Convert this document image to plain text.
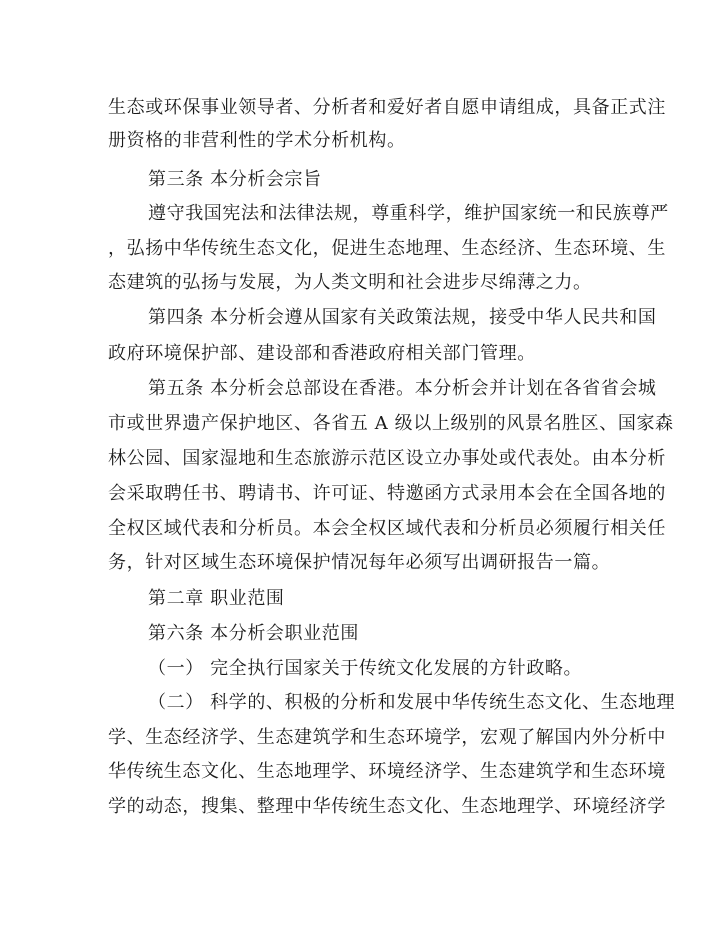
生态或环保事业领导者、分析者和爱好者自愿申请组成，具备正式注
册资格的非营利性的学术分析机构。
第三条 本分析会宗旨
遵守我国宪法和法律法规，尊重科学，维护国家统一和民族尊严
，弘扬中华传统生态文化，促进生态地理、生态经济、生态环境、生
态建筑的弘扬与发展，为人类文明和社会进步尽绵薄之力。
第四条 本分析会遵从国家有关政策法规，接受中华人民共和国
政府环境保护部、建设部和香港政府相关部门管理。
第五条 本分析会总部设在香港。本分析会并计划在各省省会城
市或世界遗产保护地区、各省五 A 级以上级别的风景名胜区、国家森
林公园、国家湿地和生态旅游示范区设立办事处或代表处。由本分析
会采取聘任书、聘请书、许可证、特邀函方式录用本会在全国各地的
全权区域代表和分析员。本会全权区域代表和分析员必须履行相关任
务，针对区域生态环境保护情况每年必须写出调研报告一篇。
第二章 职业范围
第六条 本分析会职业范围
（一） 完全执行国家关于传统文化发展的方针政略。
（二） 科学的、积极的分析和发展中华传统生态文化、生态地理
学、生态经济学、生态建筑学和生态环境学，宏观了解国内外分析中
华传统生态文化、生态地理学、环境经济学、生态建筑学和生态环境
学的动态，搜集、整理中华传统生态文化、生态地理学、环境经济学
